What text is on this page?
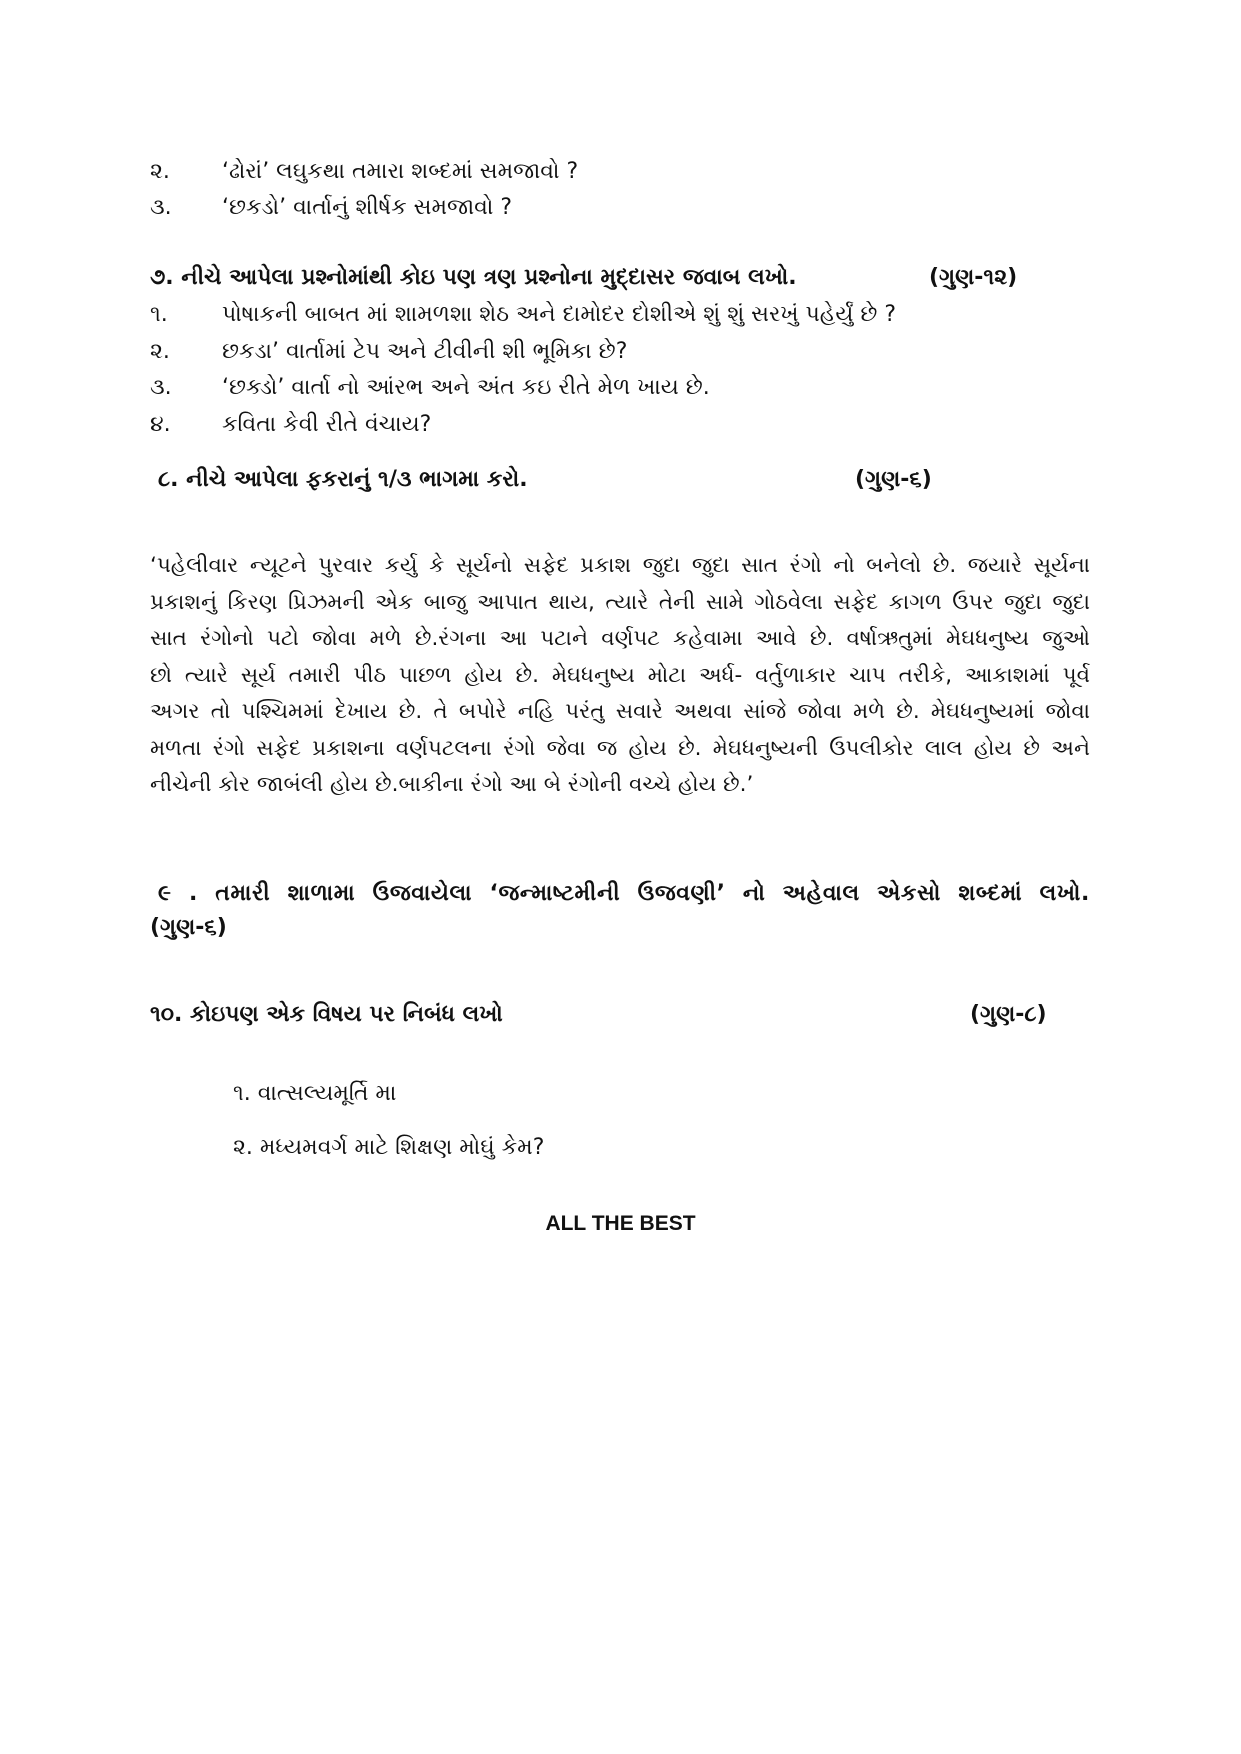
૨. ‘ઢોરાં’ લઘુકથા તમારા શબ્દમાં સમજાવો ?
૩. ‘છકડો’ વાર્તાનું શીર્ષક સમજાવો ?
૭. નીચે આપેલા પ્રશ્નોમાંથી કોઇ પણ ત્રણ પ્રશ્નોના મુદ્દાસર જવાબ લખો.	(ગુણ-૧૨)
૧. પોષાકની બાબત માં શામળશા શેઠ અને દામોદર દોશીએ શું શું સરખું પહેર્યું છે ?
૨. છકડા’ વાર્તામાં ટેપ અને ટીવીની શી ભૂમિકા છે?
૩. ‘છક્ડો’ વાર્તા નો આંરભ અને અંત કઇ રીતે મેળ ખાય છે.
૪. કવિતા કેવી રીતે વંચાય?
૮. નીચે આપેલા ફકરાનું ૧/૩ ભાગમા કરો.	(ગુણ-૬)
‘પહેલીવાર ન્યૂટને પુરવાર કર્યુ કે સૂર્યનો સફેદ પ્રકાશ જુદા જુદા સાત રંગો નો બનેલો છે. જયારે સૂર્યના
પ્રકાશનું કિરણ પ્રિઝમની એક બાજુ આપાત થાય, ત્યારે તેની સામે ગોઠવેલા સફેદ કાગળ ઉપર જુદા જુદા
સાત રંગોનો પટો જોવા મળે છે.રંગના આ પટાને વર્ણપટ કહેવામા આવે છે. વર્ષાઋતુમાં મેઘધનુષ્ય જુઓ
છો ત્યારે સૂર્ય તમારી પીઠ પાછળ હોય છે. મેઘધનુષ્ય મોટા અર્ધ- વર્તુળાકાર ચાપ તરીકે, આકાશમાં પૂર્વ
અગર તો પશ્ચિમમાં દેખાય છે. તે બપોરે નહિ પરંતુ સવારે અથવા સાંજે જોવા મળે છે. મેઘધનુષ્યમાં જોવા
મળતા રંગો સફેદ પ્રકાશના વર્ણપટલના રંગો જેવા જ હોય છે. મેઘધનુષ્યની ઉપલીકોર લાલ હોય છે અને
નીચેની કોર જાબંલી હોય છે.બાકીના રંગો આ બે રંગોની વચ્ચે હોય છે.’
૯ . તમારી શાળામા ઉજવાયેલા ‘જન્માષ્ટમીની ઉજવણી’ નો અહેવાલ એકસો શબ્દમાં લખો.
(ગુણ-૬)
૧૦. કોઇપણ એક વિષય પર નિબંધ લખો	(ગુણ-૮)
૧. વાત્સલ્યમૂર્તિ મા
૨. મધ્યમવર્ગ માટે શિક્ષણ મોઘું કેમ?
ALL THE BEST
